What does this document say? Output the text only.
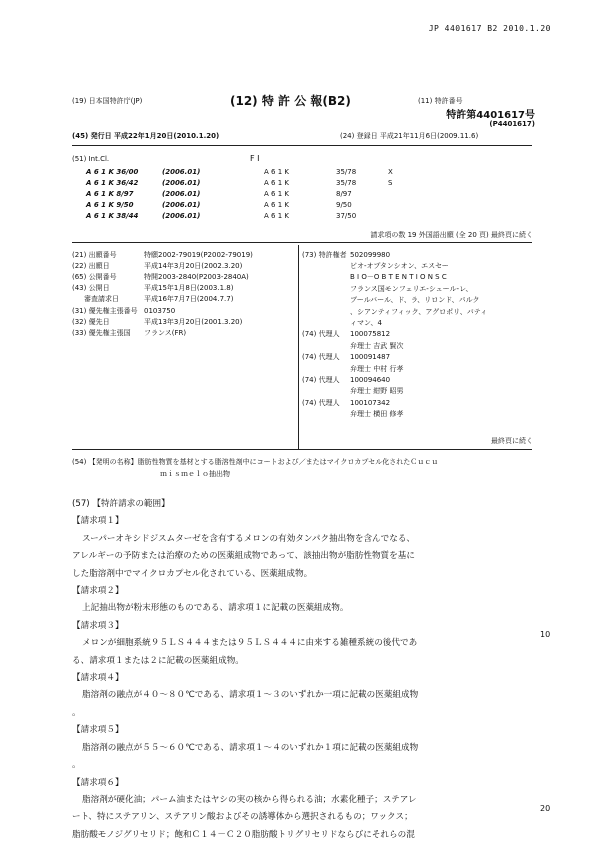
JP 4401617 B2 2010.1.20
(19) 日本国特許庁(JP)	(12) 特 許 公 報(B2)	(11) 特許番号
特許第4401617号
(P4401617)
(45) 発行日 平成22年1月20日(2010.1.20)	(24) 登録日 平成21年11月6日(2009.11.6)
(51) Int.Cl.	F I
A 6 1 K 36/00	(2006.01)	A 6 1 K	35/78	X
A 6 1 K 36/42	(2006.01)	A 6 1 K	35/78	S
A 6 1 K 8/97	(2006.01)	A 6 1 K	8/97
A 6 1 K 9/50	(2006.01)	A 6 1 K	9/50
A 6 1 K 38/44	(2006.01)	A 6 1 K	37/50
請求項の数 19 外国語出願 (全 20 頁) 最終頁に続く
(21) 出願番号	特願2002-79019(P2002-79019)
(22) 出願日	平成14年3月20日(2002.3.20)
(65) 公開番号	特開2003-2840(P2003-2840A)
(43) 公開日	平成15年1月8日(2003.1.8)
審査請求日	平成16年7月7日(2004.7.7)
(31) 優先権主張番号 0103750
(32) 優先日	平成13年3月20日(2001.3.20)
(33) 優先権主張国	フランス(FR)
(73) 特許権者 502099980
ビオ-オプタンシオン、エスセー
B I O－O B T E N T I O N S C
フランス国モンフェリエ-シュール-レ、
ブールバール、ド、ラ、リロンド、パルク
、シアンティフィック、アグロポリ、バティ
ィマン、4
(74) 代理人	100075812
弁理士 吉武 賢次
(74) 代理人	100091487
弁理士 中村 行孝
(74) 代理人	100094640
弁理士 紺野 昭男
(74) 代理人	100107342
弁理士 横田 修孝
最終頁に続く
(54) 【発明の名称】脂肪性物質を基材とする脂溶性剤中にコートおよび／またはマイクロカプセル化されたＣｕｃｕ
ｍｉｓｍｅｌｏ抽出物

(57) 【特許請求の範囲】

【請求項１】

スーパーオキシドジスムターゼを含有するメロンの有効タンパク抽出物を含んでなる、

アレルギーの予防または治療のための医薬組成物であって、該抽出物が脂肪性物質を基に

した脂溶剤中でマイクロカプセル化されている、医薬組成物。

【請求項２】

上記抽出物が粉末形態のものである、請求項１に記載の医薬組成物。

【請求項３】

メロンが細胞系統９５ＬＳ４４４または９５ＬＳ４４４に由来する雑種系統の後代であ

る、請求項１または２に記載の医薬組成物。

【請求項４】

脂溶剤の融点が４０～８０℃である、請求項１～３のいずれか一項に記載の医薬組成物

。

【請求項５】

脂溶剤の融点が５５～６０℃である、請求項１～４のいずれか１項に記載の医薬組成物

。

【請求項６】

脂溶剤が硬化油；パーム油またはヤシの実の核から得られる油；水素化種子；ステアレ

ート、特にステアリン、ステアリン酸およびその誘導体から選択されるもの；ワックス；

脂肪酸モノジグリセリド；飽和Ｃ１４－Ｃ２０脂肪酸トリグリセリドならびにそれらの混

10
20
